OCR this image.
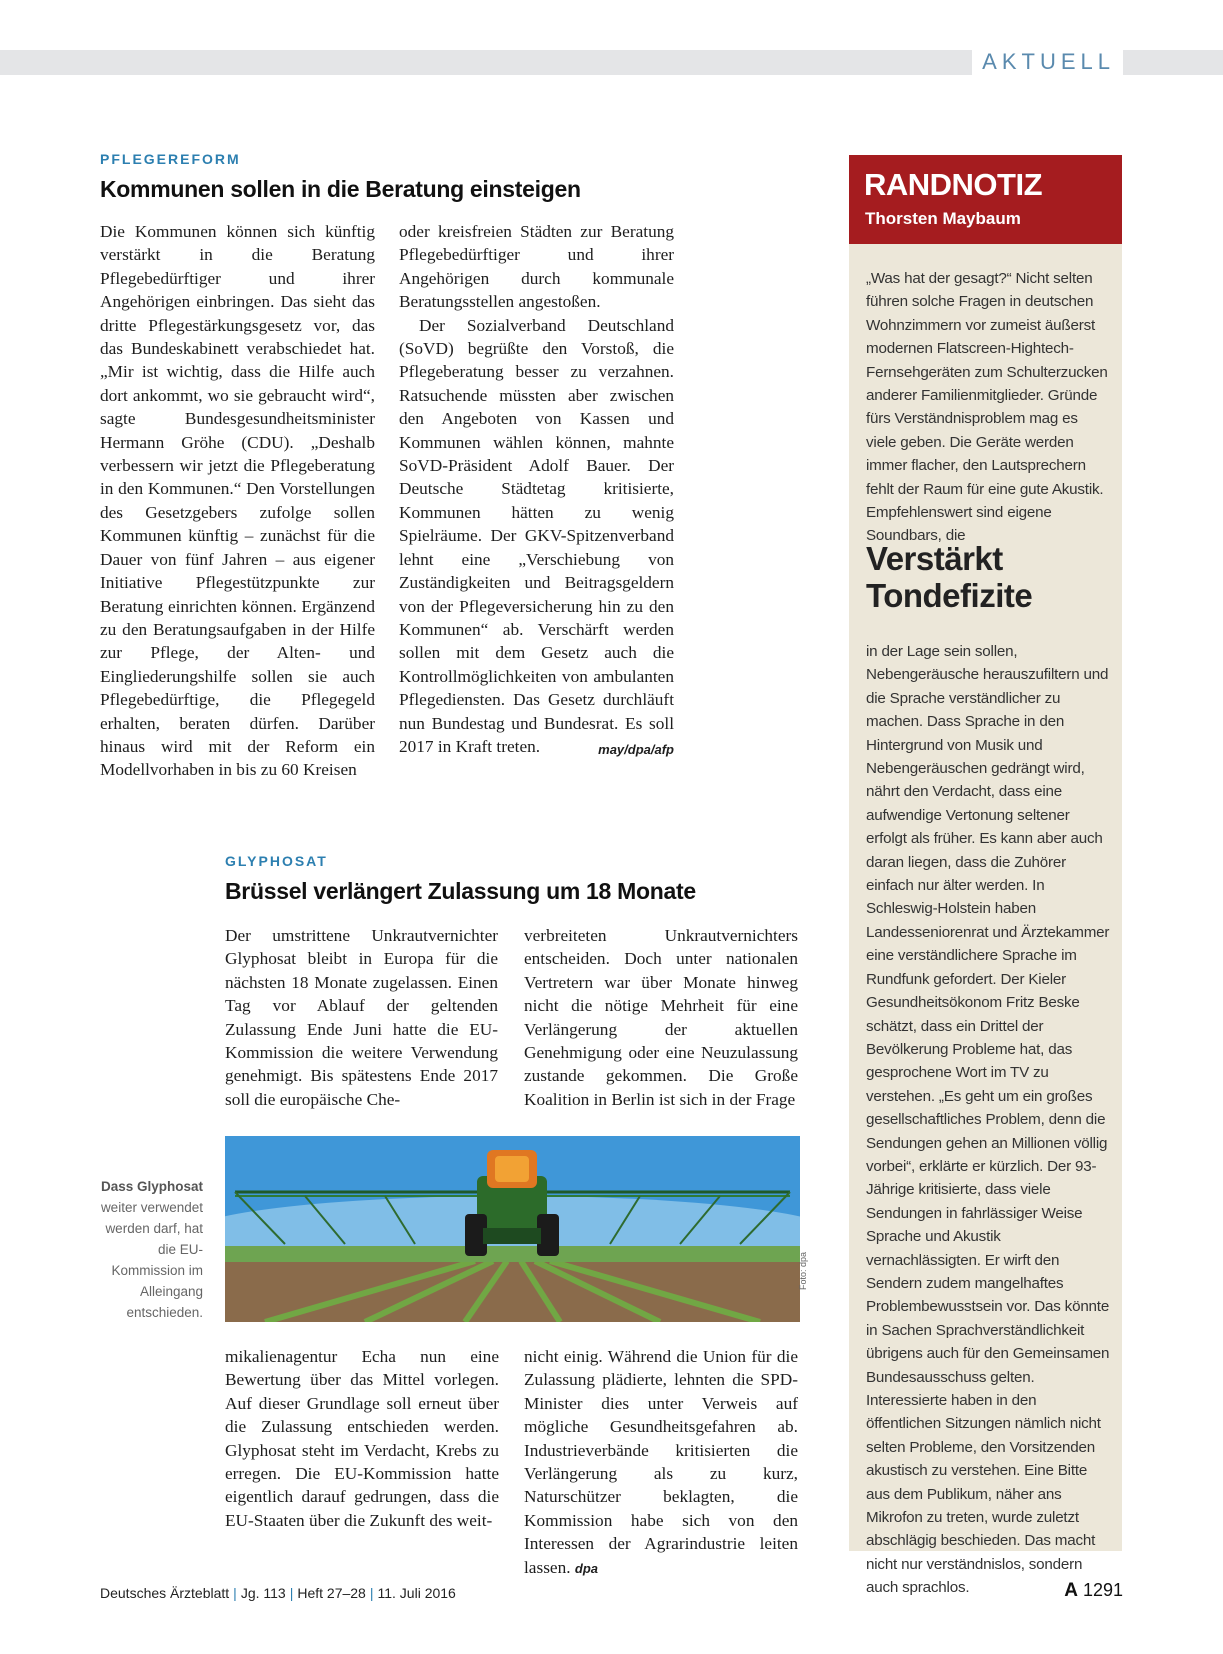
AKTUELL
PFLEGEREFORM
Kommunen sollen in die Beratung einsteigen

Die Kommunen können sich künftig verstärkt in die Beratung Pflegebedürftiger und ihrer Angehörigen einbringen. Das sieht das dritte Pflegestärkungsgesetz vor, das das Bundeskabinett verabschiedet hat. „Mir ist wichtig, dass die Hilfe auch dort ankommt, wo sie gebraucht wird“, sagte Bundesgesundheitsminister Hermann Gröhe (CDU). „Deshalb verbessern wir jetzt die Pflegeberatung in den Kommunen.“ Den Vorstellungen des Gesetzgebers zufolge sollen Kommunen künftig – zunächst für die Dauer von fünf Jahren – aus eigener Initiative Pflegestützpunkte zur Beratung einrichten können. Ergänzend zu den Beratungsaufgaben in der Hilfe zur Pflege, der Alten- und Eingliederungshilfe sollen sie auch Pflegebedürftige, die Pflegegeld erhalten, beraten dürfen. Darüber hinaus wird mit der Reform ein Modellvorhaben in bis zu 60 Kreisen

oder kreisfreien Städten zur Beratung Pflegebedürftiger und ihrer Angehörigen durch kommunale Beratungsstellen angestoßen.

Der Sozialverband Deutschland (SoVD) begrüßte den Vorstoß, die Pflegeberatung besser zu verzahnen. Ratsuchende müssten aber zwischen den Angeboten von Kassen und Kommunen wählen können, mahnte SoVD-Präsident Adolf Bauer. Der Deutsche Städtetag kritisierte, Kommunen hätten zu wenig Spielräume. Der GKV-Spitzenverband lehnt eine „Verschiebung von Zuständigkeiten und Beitragsgeldern von der Pflegeversicherung hin zu den Kommunen“ ab. Verschärft werden sollen mit dem Gesetz auch die Kontrollmöglichkeiten von ambulanten Pflegediensten. Das Gesetz durchläuft nun Bundestag und Bundesrat. Es soll 2017 in Kraft treten.	may/dpa/afp

GLYPHOSAT
Brüssel verlängert Zulassung um 18 Monate

Der umstrittene Unkrautvernichter Glyphosat bleibt in Europa für die nächsten 18 Monate zugelassen. Einen Tag vor Ablauf der geltenden Zulassung Ende Juni hatte die EU-Kommission die weitere Verwendung genehmigt. Bis spätestens Ende 2017 soll die europäische Che-

verbreiteten Unkrautvernichters entscheiden. Doch unter nationalen Vertretern war über Monate hinweg nicht die nötige Mehrheit für eine Verlängerung der aktuellen Genehmigung oder eine Neuzulassung zustande gekommen. Die Große Koalition in Berlin ist sich in der Frage

Foto: dpa
Dass Glyphosat weiter verwendet werden darf, hat die EU-Kommission im Alleingang entschieden.

mikalienagentur Echa nun eine Bewertung über das Mittel vorlegen. Auf dieser Grundlage soll erneut über die Zulassung entschieden werden. Glyphosat steht im Verdacht, Krebs zu erregen. Die EU-Kommission hatte eigentlich darauf gedrungen, dass die EU-Staaten über die Zukunft des weit-

nicht einig. Während die Union für die Zulassung plädierte, lehnten die SPD-Minister dies unter Verweis auf mögliche Gesundheitsgefahren ab. Industrieverbände kritisierten die Verlängerung als zu kurz, Naturschützer beklagten, die Kommission habe sich von den Interessen der Agrarindustrie leiten lassen. dpa

RANDNOTIZ
Thorsten Maybaum
„Was hat der gesagt?“ Nicht selten führen solche Fragen in deutschen Wohnzimmern vor zumeist äußerst modernen Flatscreen-Hightech-Fernsehgeräten zum Schulterzucken anderer Familienmitglieder. Gründe fürs Verständnisproblem mag es viele geben. Die Geräte werden immer flacher, den Lautsprechern fehlt der Raum für eine gute Akustik. Empfehlenswert sind eigene Soundbars, die
Verstärkt
Tondefizite
in der Lage sein sollen, Nebengeräusche herauszufiltern und die Sprache verständlicher zu machen. Dass Sprache in den Hintergrund von Musik und Nebengeräuschen gedrängt wird, nährt den Verdacht, dass eine aufwendige Vertonung seltener erfolgt als früher. Es kann aber auch daran liegen, dass die Zuhörer einfach nur älter werden. In Schleswig-Holstein haben Landesseniorenrat und Ärztekammer eine verständlichere Sprache im Rundfunk gefordert. Der Kieler Gesundheitsökonom Fritz Beske schätzt, dass ein Drittel der Bevölkerung Probleme hat, das gesprochene Wort im TV zu verstehen. „Es geht um ein großes gesellschaftliches Problem, denn die Sendungen gehen an Millionen völlig vorbei“, erklärte er kürzlich. Der 93-Jährige kritisierte, dass viele Sendungen in fahrlässiger Weise Sprache und Akustik vernachlässigten. Er wirft den Sendern zudem mangelhaftes Problembewusstsein vor. Das könnte in Sachen Sprachverständlichkeit übrigens auch für den Gemeinsamen Bundesausschuss gelten. Interessierte haben in den öffentlichen Sitzungen nämlich nicht selten Probleme, den Vorsitzenden akustisch zu verstehen. Eine Bitte aus dem Publikum, näher ans Mikrofon zu treten, wurde zuletzt abschlägig beschieden. Das macht nicht nur verständnislos, sondern auch sprachlos.
Deutsches Ärzteblatt | Jg. 113 | Heft 27–28 | 11. Juli 2016	A 1291
